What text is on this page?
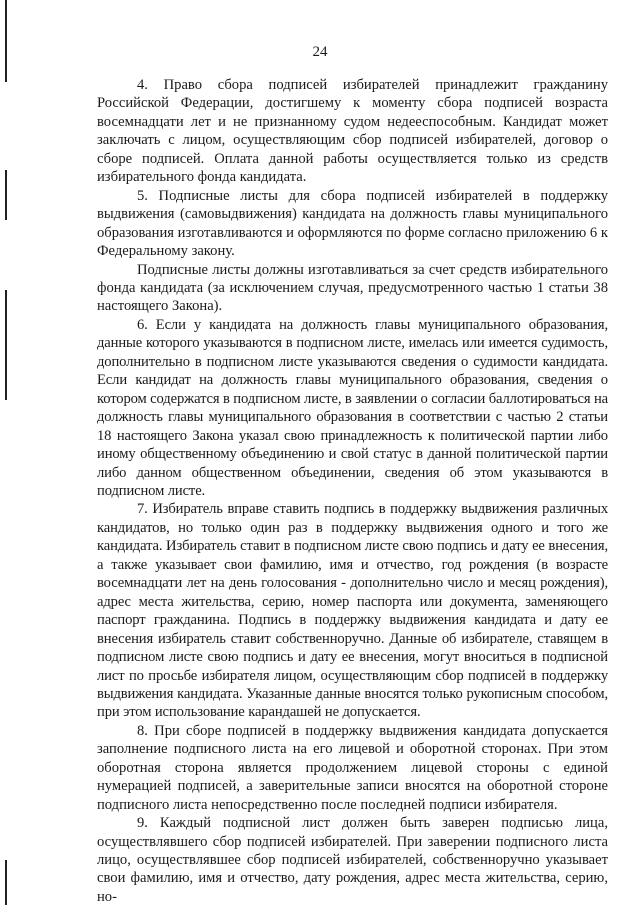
24

4. Право сбора подписей избирателей принадлежит гражданину Российской Федерации, достигшему к моменту сбора подписей возраста восемнадцати лет и не признанному судом недееспособным. Кандидат может заключать с лицом, осуществляющим сбор подписей избирателей, договор о сборе подписей. Оплата данной работы осуществляется только из средств избирательного фонда кандидата.

5. Подписные листы для сбора подписей избирателей в поддержку выдвижения (самовыдвижения) кандидата на должность главы муниципального образования изготавливаются и оформляются по форме согласно приложению 6 к Федеральному закону.

Подписные листы должны изготавливаться за счет средств избирательного фонда кандидата (за исключением случая, предусмотренного частью 1 статьи 38 настоящего Закона).

6. Если у кандидата на должность главы муниципального образования, данные которого указываются в подписном листе, имелась или имеется судимость, дополнительно в подписном листе указываются сведения о судимости кандидата. Если кандидат на должность главы муниципального образования, сведения о котором содержатся в подписном листе, в заявлении о согласии баллотироваться на должность главы муниципального образования в соответствии с частью 2 статьи 18 настоящего Закона указал свою принадлежность к политической партии либо иному общественному объединению и свой статус в данной политической партии либо данном общественном объединении, сведения об этом указываются в подписном листе.

7. Избиратель вправе ставить подпись в поддержку выдвижения различных кандидатов, но только один раз в поддержку выдвижения одного и того же кандидата. Избиратель ставит в подписном листе свою подпись и дату ее внесения, а также указывает свои фамилию, имя и отчество, год рождения (в возрасте восемнадцати лет на день голосования - дополнительно число и месяц рождения), адрес места жительства, серию, номер паспорта или документа, заменяющего паспорт гражданина. Подпись в поддержку выдвижения кандидата и дату ее внесения избиратель ставит собственноручно. Данные об избирателе, ставящем в подписном листе свою подпись и дату ее внесения, могут вноситься в подписной лист по просьбе избирателя лицом, осуществляющим сбор подписей в поддержку выдвижения кандидата. Указанные данные вносятся только рукописным способом, при этом использование карандашей не допускается.

8. При сборе подписей в поддержку выдвижения кандидата допускается заполнение подписного листа на его лицевой и оборотной сторонах. При этом оборотная сторона является продолжением лицевой стороны с единой нумерацией подписей, а заверительные записи вносятся на оборотной стороне подписного листа непосредственно после последней подписи избирателя.

9. Каждый подписной лист должен быть заверен подписью лица, осуществлявшего сбор подписей избирателей. При заверении подписного листа лицо, осуществлявшее сбор подписей избирателей, собственноручно указывает свои фамилию, имя и отчество, дату рождения, адрес места жительства, серию, но-
